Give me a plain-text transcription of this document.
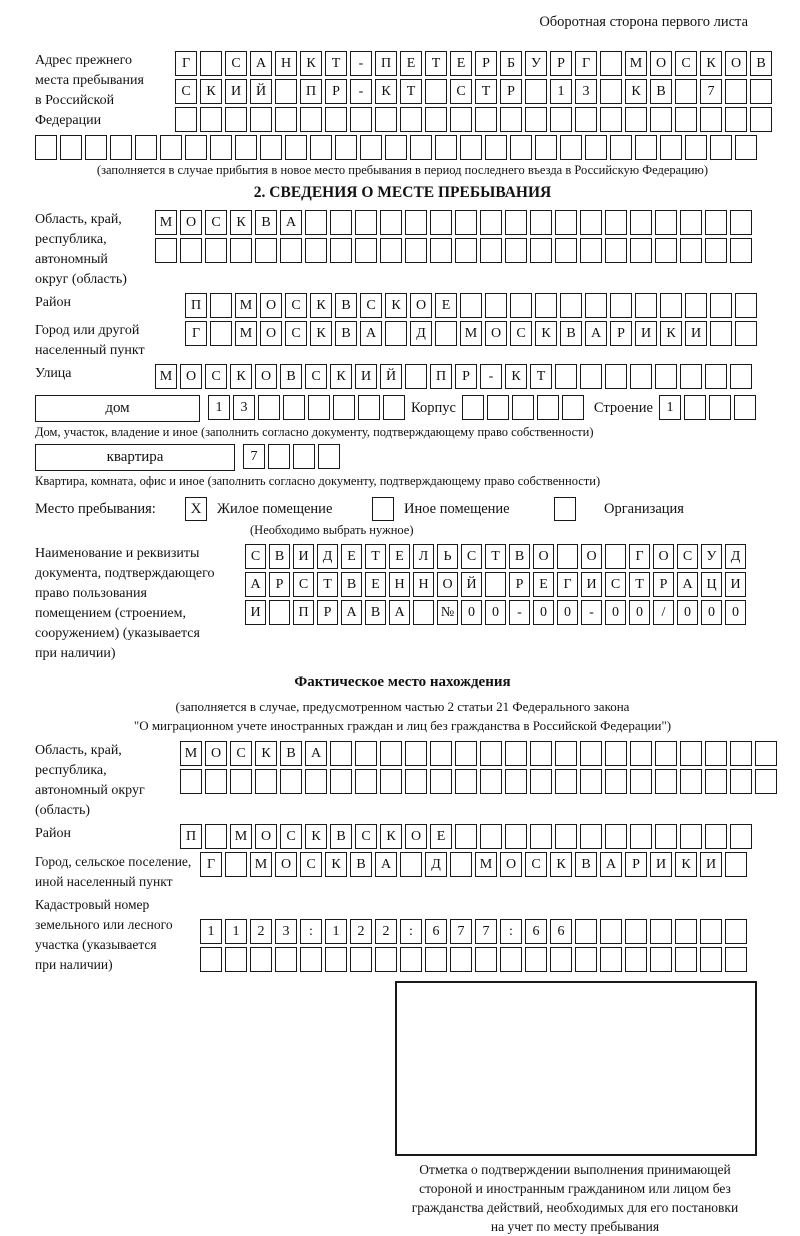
Оборотная сторона первого листа
Адрес прежнего
места пребывания
в Российской
Федерации
Г	С	А	Н	К	Т	-	П	Е	Т	Е	Р	Б	У	Р	Г	М О	С	К	О	В
С	К	И	Й	П	Р	-	К	Т	С	Т	Р	1	3	К	В	7
(заполняется в случае прибытия в новое место пребывания в период последнего въезда в Российскую Федерацию)
2. СВЕДЕНИЯ О МЕСТЕ ПРЕБЫВАНИЯ
Область, край,
республика,
автономный
округ (область)
М О	С	К	В	А
Район	П	М О	С	К	В	С	К	О	Е
Город или другой
населенный пункт
Г	М О	С	К	В	А	Д	М О	С	К	В	А	Р	И	К	И
Улица	М О	С	К	О	В	С	К	И	Й	П	Р	-	К	Т
дом	1	3	Корпус	Строение 1
Дом, участок, владение и иное (заполнить согласно документу, подтверждающему право собственности)
квартира	7
Квартира, комната, офис и иное (заполнить согласно документу, подтверждающему право собственности)
Место пребывания:	X	Жилое помещение	Иное помещение	Организация
(Необходимо выбрать нужное)
Наименование и реквизиты
документа, подтверждающего
право пользования
помещением (строением,
сооружением) (указывается
при наличии)
С	В	И	Д	Е	Т	Е	Л	Ь	С	Т	В	О	О	Г	О	С	У	Д
А	Р	С	Т	В	Е	Н Н О Й	Р	Е	Г	И	С	Т	Р	А Ц И
И	П	Р	А	В	А	№ 0	0	-	0	0	-	0	0	/	0	0	0
Фактическое место нахождения
(заполняется в случае, предусмотренном частью 2 статьи 21 Федерального закона
"О миграционном учете иностранных граждан и лиц без гражданства в Российской Федерации")
Область, край,
республика,
автономный округ
(область)
М О	С	К	В	А
Район	П	М О	С	К	В	С	К	О	Е
Город, сельское поселение,
иной населенный пункт
Г	М О	С	К	В	А	Д	М О	С	К	В	А	Р	И	К	И
Кадастровый номер
земельного или лесного
участка (указывается
при наличии)
1	1	2	3	:	1	2	2	:	6	7	7	:	6	6
Отметка о подтверждении выполнения принимающей
стороной и иностранным гражданином или лицом без
гражданства действий, необходимых для его постановки
на учет по месту пребывания
